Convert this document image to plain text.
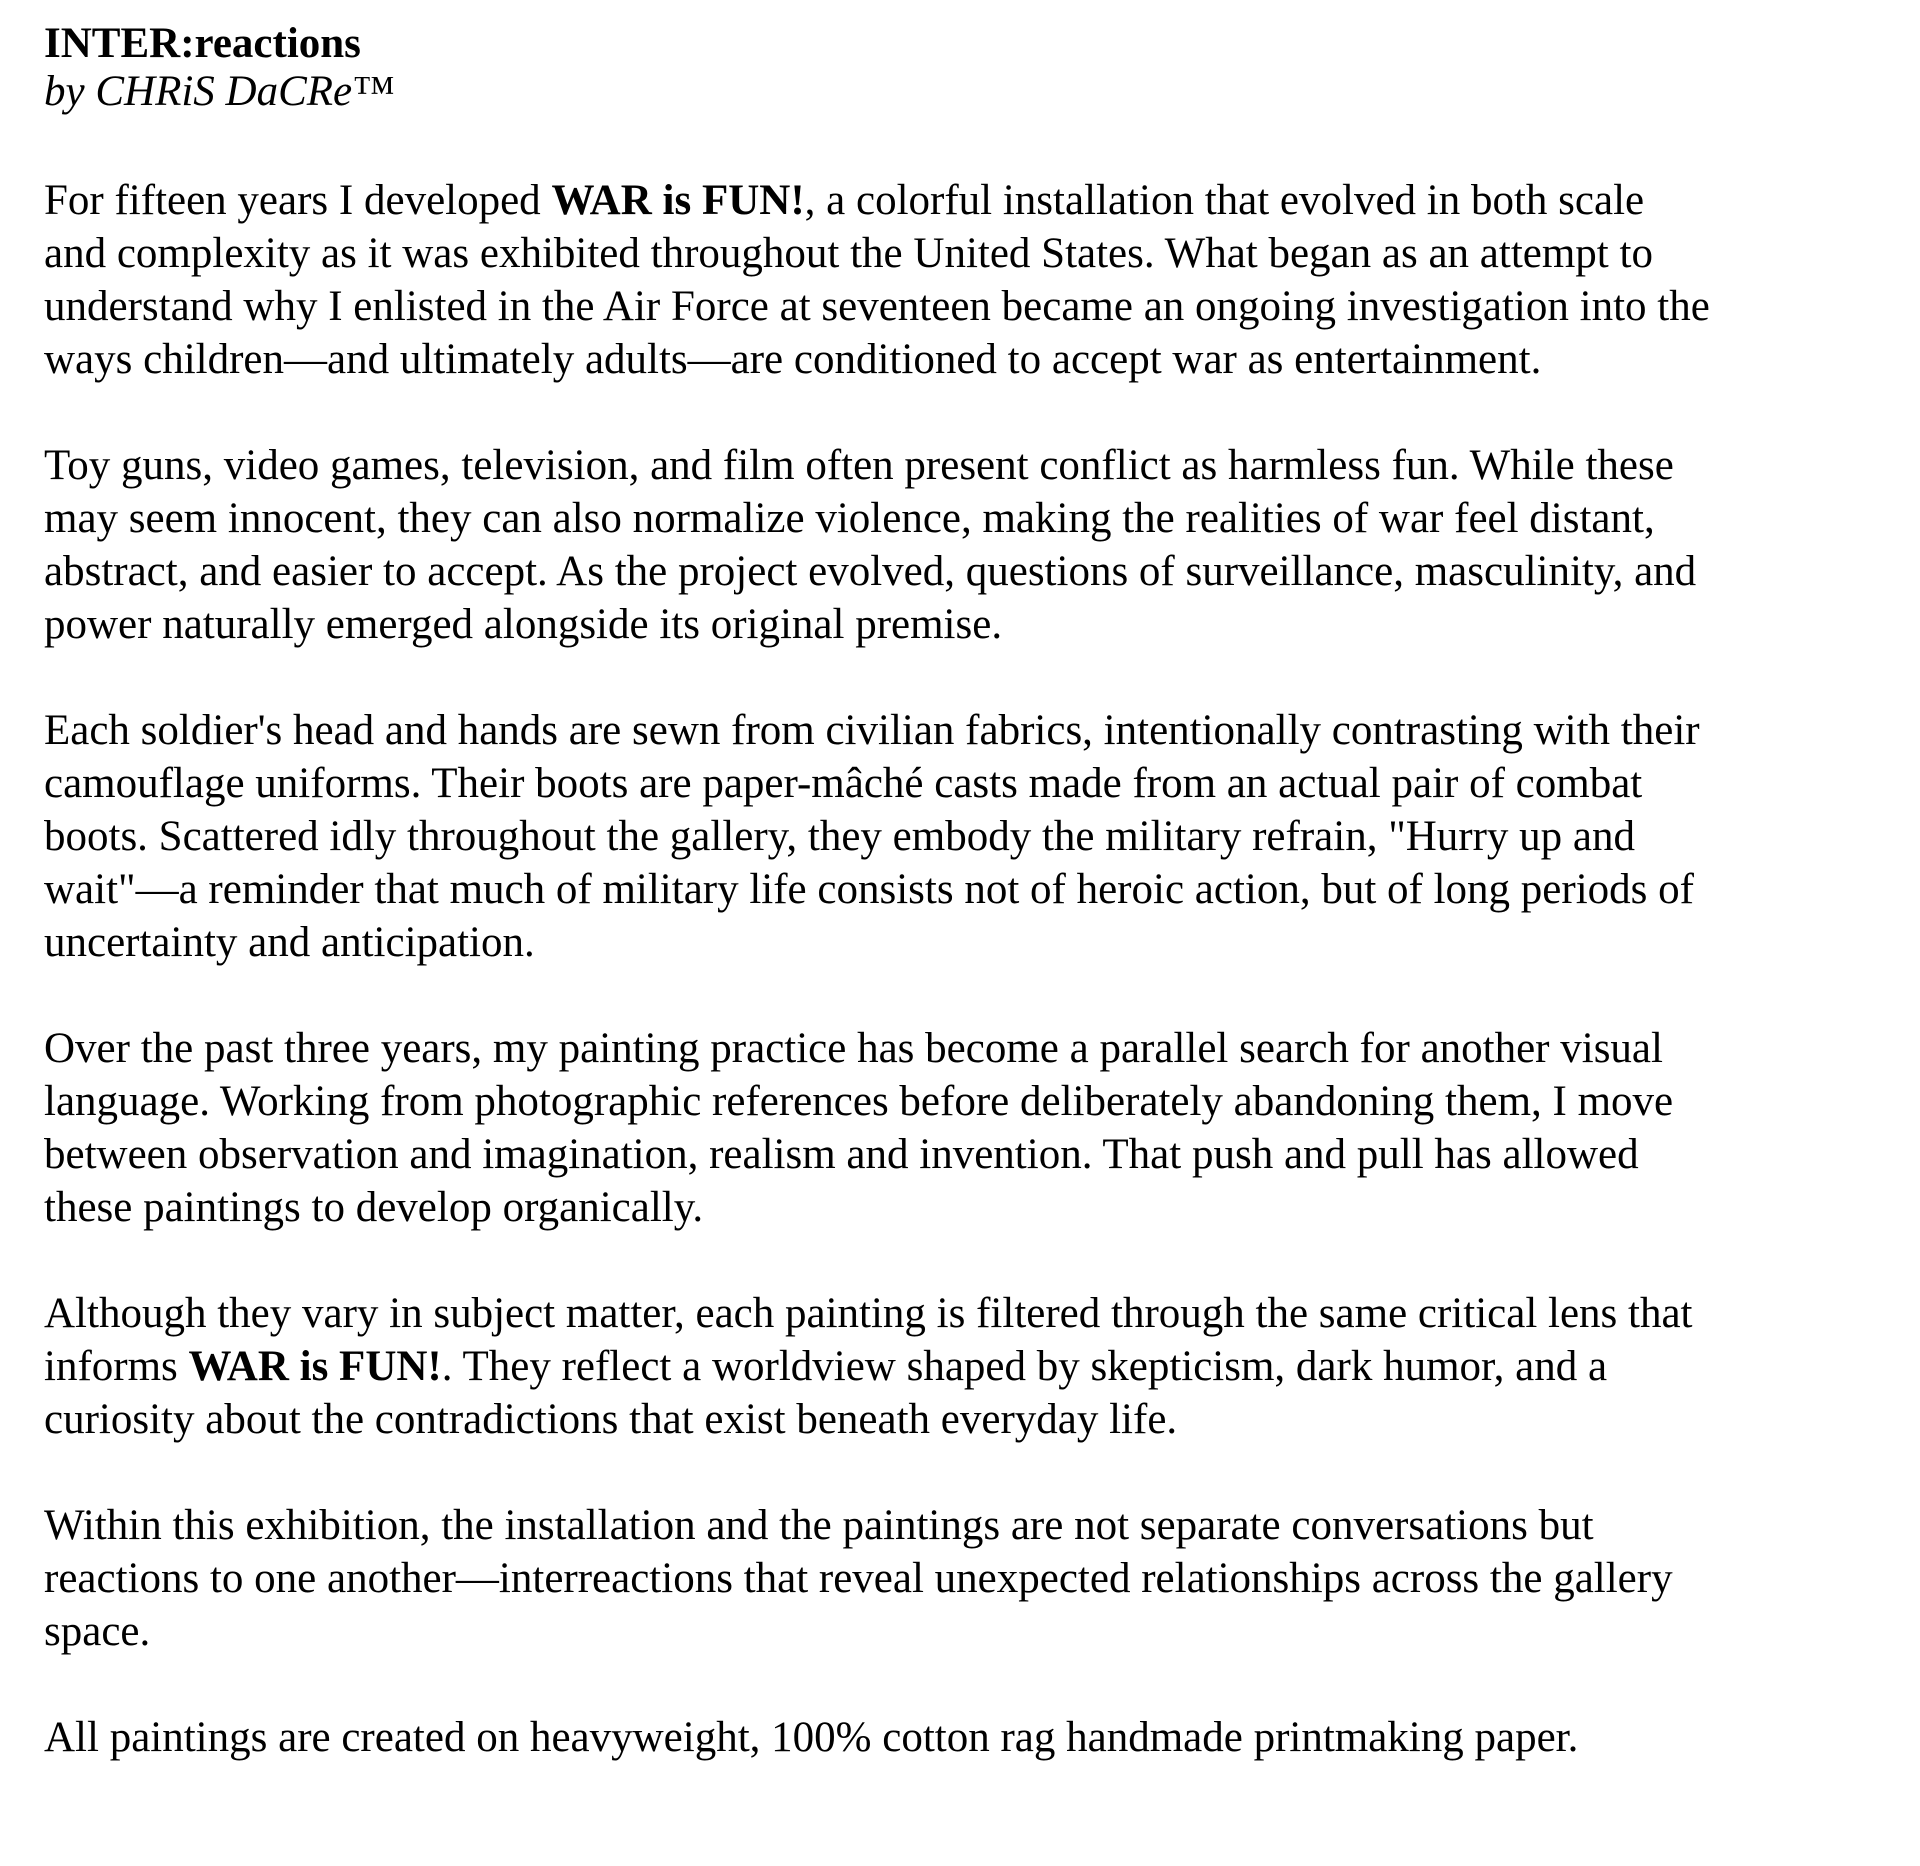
INTER:reactions
by CHRiS DaCRe™
For fifteen years I developed WAR is FUN!, a colorful installation that evolved in both scale
and complexity as it was exhibited throughout the United States. What began as an attempt to
understand why I enlisted in the Air Force at seventeen became an ongoing investigation into the
ways children—and ultimately adults—are conditioned to accept war as entertainment.
Toy guns, video games, television, and film often present conflict as harmless fun. While these
may seem innocent, they can also normalize violence, making the realities of war feel distant,
abstract, and easier to accept. As the project evolved, questions of surveillance, masculinity, and
power naturally emerged alongside its original premise.
Each soldier's head and hands are sewn from civilian fabrics, intentionally contrasting with their
camouflage uniforms. Their boots are paper-mâché casts made from an actual pair of combat
boots. Scattered idly throughout the gallery, they embody the military refrain, "Hurry up and
wait"—a reminder that much of military life consists not of heroic action, but of long periods of
uncertainty and anticipation.
Over the past three years, my painting practice has become a parallel search for another visual
language. Working from photographic references before deliberately abandoning them, I move
between observation and imagination, realism and invention. That push and pull has allowed
these paintings to develop organically.
Although they vary in subject matter, each painting is filtered through the same critical lens that
informs WAR is FUN!. They reflect a worldview shaped by skepticism, dark humor, and a
curiosity about the contradictions that exist beneath everyday life.
Within this exhibition, the installation and the paintings are not separate conversations but
reactions to one another—interreactions that reveal unexpected relationships across the gallery
space.
All paintings are created on heavyweight, 100% cotton rag handmade printmaking paper.
